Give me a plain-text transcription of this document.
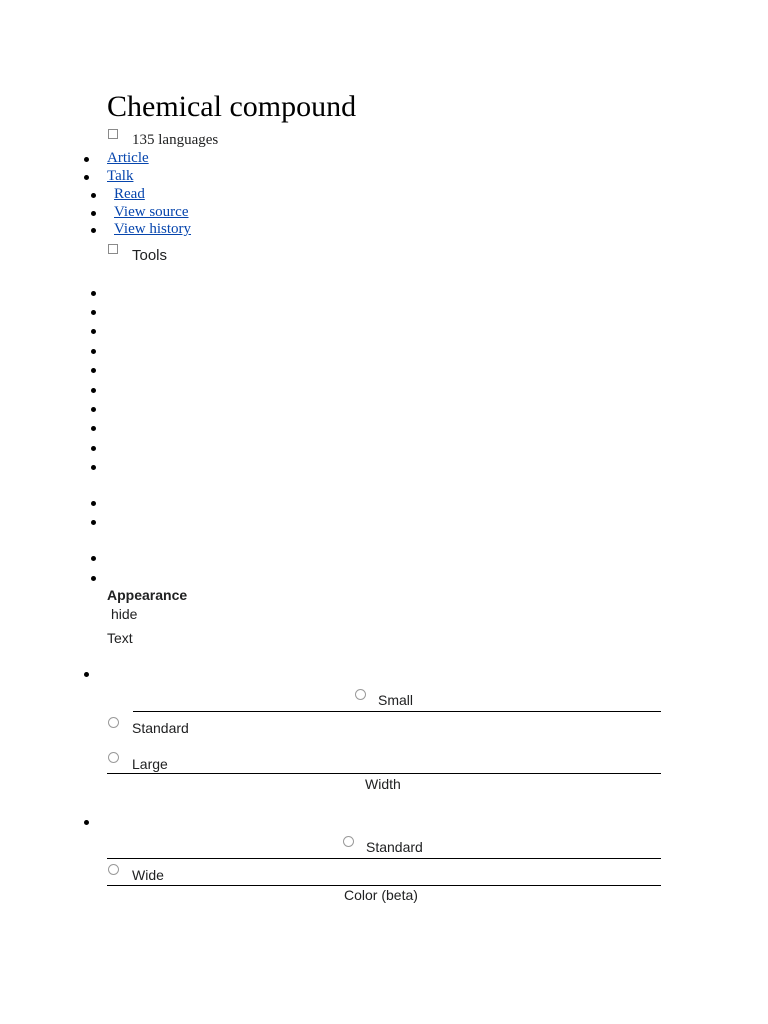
Chemical compound
135 languages
Article
Talk
Read
View source
View history
Tools
Appearance
hide
Text
Small
Standard
Large
Width
Standard
Wide
Color (beta)
